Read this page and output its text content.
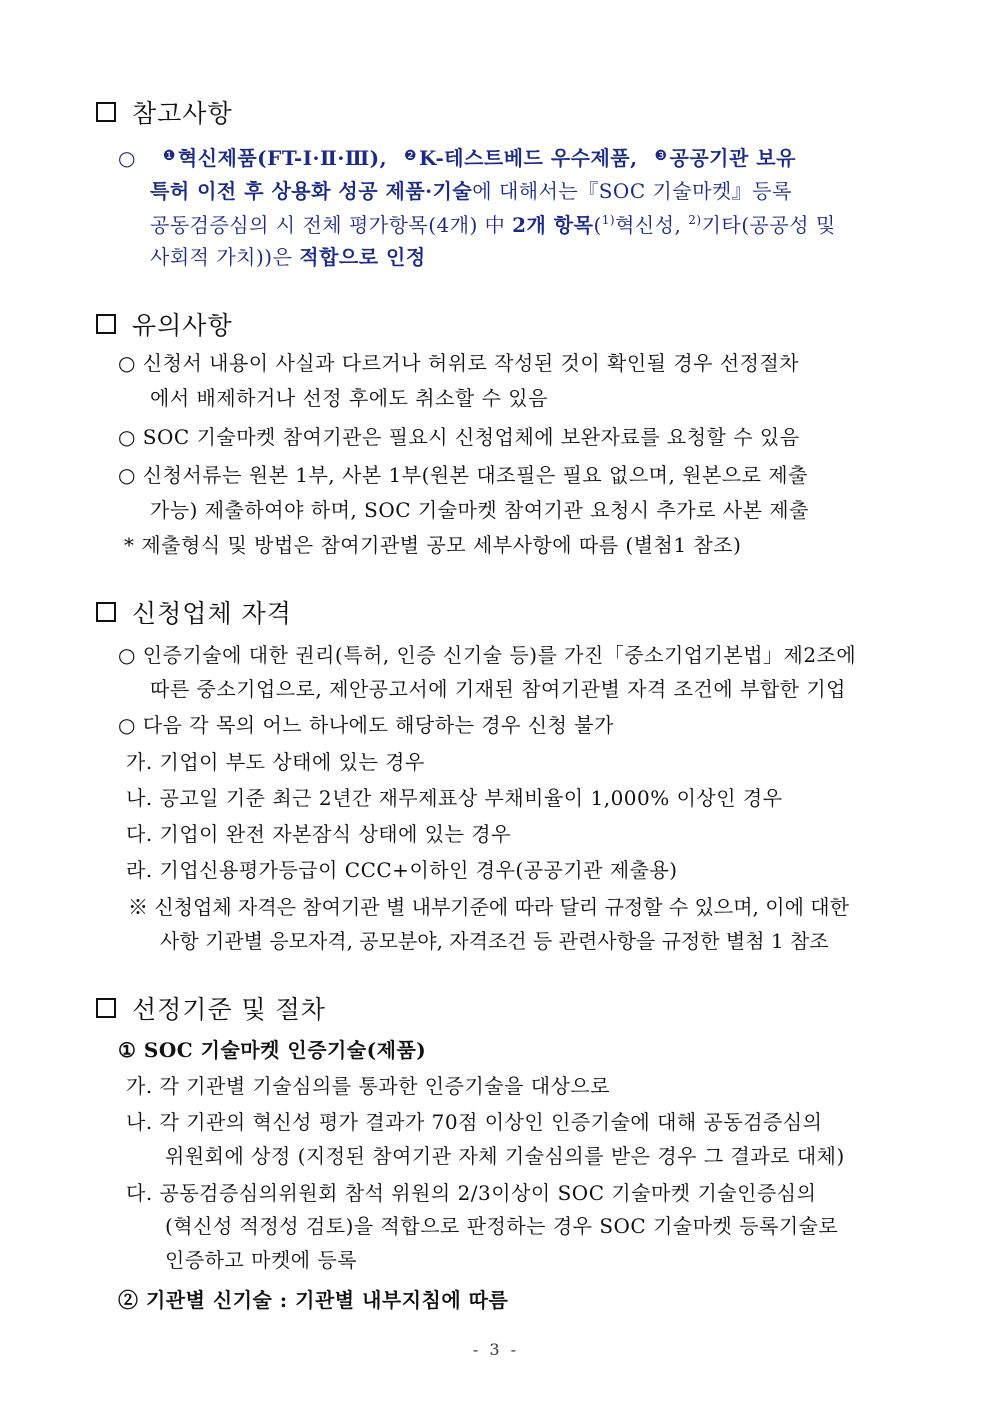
참고사항
○ $^❶$ 혁신제품(FT-Ⅰ·Ⅱ·Ⅲ), $^❷$ K-테스트베드 우수제품, $^❸$ 공공기관 보유
특허 이전 후 상용화 성공 제품·기술에 대해서는『SOC 기술마켓』등록
공동검증심의 시 전체 평가항목(4개) 中 2개 항목($^{1)}$혁신성, $^{2)}$기타(공공성 및
사회적 가치))은 적합으로 인정
유의사항
○ 신청서 내용이 사실과 다르거나 허위로 작성된 것이 확인될 경우 선정절차
에서 배제하거나 선정 후에도 취소할 수 있음
○ SOC 기술마켓 참여기관은 필요시 신청업체에 보완자료를 요청할 수 있음
○ 신청서류는 원본 1부, 사본 1부(원본 대조필은 필요 없으며, 원본으로 제출
가능) 제출하여야 하며, SOC 기술마켓 참여기관 요청시 추가로 사본 제출
* 제출형식 및 방법은 참여기관별 공모 세부사항에 따름 (별첨1 참조)
신청업체 자격
○ 인증기술에 대한 권리(특허, 인증 신기술 등)를 가진「중소기업기본법」제2조에
따른 중소기업으로, 제안공고서에 기재된 참여기관별 자격 조건에 부합한 기업
○ 다음 각 목의 어느 하나에도 해당하는 경우 신청 불가
가. 기업이 부도 상태에 있는 경우
나. 공고일 기준 최근 2년간 재무제표상 부채비율이 1,000% 이상인 경우
다. 기업이 완전 자본잠식 상태에 있는 경우
라. 기업신용평가등급이 CCC+이하인 경우(공공기관 제출용)
※ 신청업체 자격은 참여기관 별 내부기준에 따라 달리 규정할 수 있으며, 이에 대한
사항 기관별 응모자격, 공모분야, 자격조건 등 관련사항을 규정한 별첨 1 참조
선정기준 및 절차
① SOC 기술마켓 인증기술(제품)
가. 각 기관별 기술심의를 통과한 인증기술을 대상으로
나. 각 기관의 혁신성 평가 결과가 70점 이상인 인증기술에 대해 공동검증심의
위원회에 상정 (지정된 참여기관 자체 기술심의를 받은 경우 그 결과로 대체)
다. 공동검증심의위원회 참석 위원의 2/3이상이 SOC 기술마켓 기술인증심의
(혁신성 적정성 검토)을 적합으로 판정하는 경우 SOC 기술마켓 등록기술로
인증하고 마켓에 등록
② 기관별 신기술 : 기관별 내부지침에 따름
- 3 -
